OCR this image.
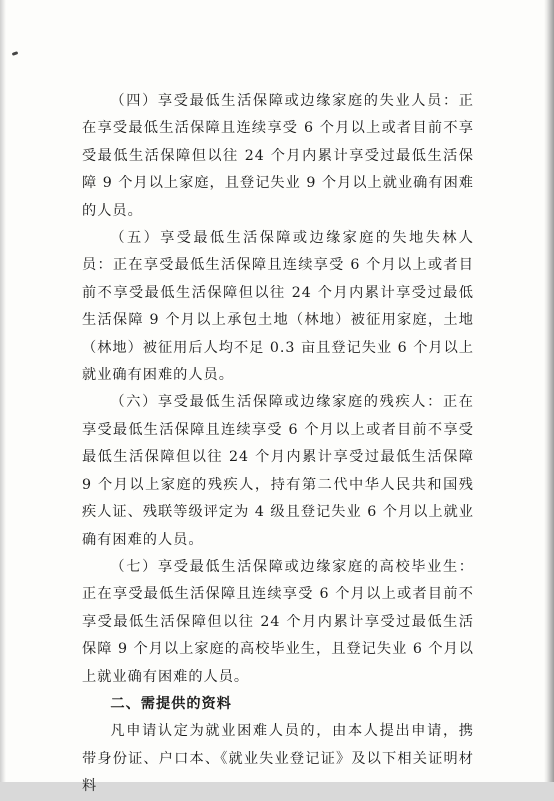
（四）享受最低生活保障或边缘家庭的失业人员：正在享受最低生活保障且连续享受 6 个月以上或者目前不享受最低生活保障但以往 24 个月内累计享受过最低生活保障 9 个月以上家庭，且登记失业 9 个月以上就业确有困难的人员。

（五）享受最低生活保障或边缘家庭的失地失林人员：正在享受最低生活保障且连续享受 6 个月以上或者目前不享受最低生活保障但以往 24 个月内累计享受过最低生活保障 9 个月以上承包土地（林地）被征用家庭，土地（林地）被征用后人均不足 0.3 亩且登记失业 6 个月以上就业确有困难的人员。

（六）享受最低生活保障或边缘家庭的残疾人：正在享受最低生活保障且连续享受 6 个月以上或者目前不享受最低生活保障但以往 24 个月内累计享受过最低生活保障 9 个月以上家庭的残疾人，持有第二代中华人民共和国残疾人证、残联等级评定为 4 级且登记失业 6 个月以上就业确有困难的人员。

（七）享受最低生活保障或边缘家庭的高校毕业生：正在享受最低生活保障且连续享受 6 个月以上或者目前不享受最低生活保障但以往 24 个月内累计享受过最低生活保障 9 个月以上家庭的高校毕业生，且登记失业 6 个月以上就业确有困难的人员。

二、需提供的资料

凡申请认定为就业困难人员的，由本人提出申请，携带身份证、户口本、《就业失业登记证》及以下相关证明材料
